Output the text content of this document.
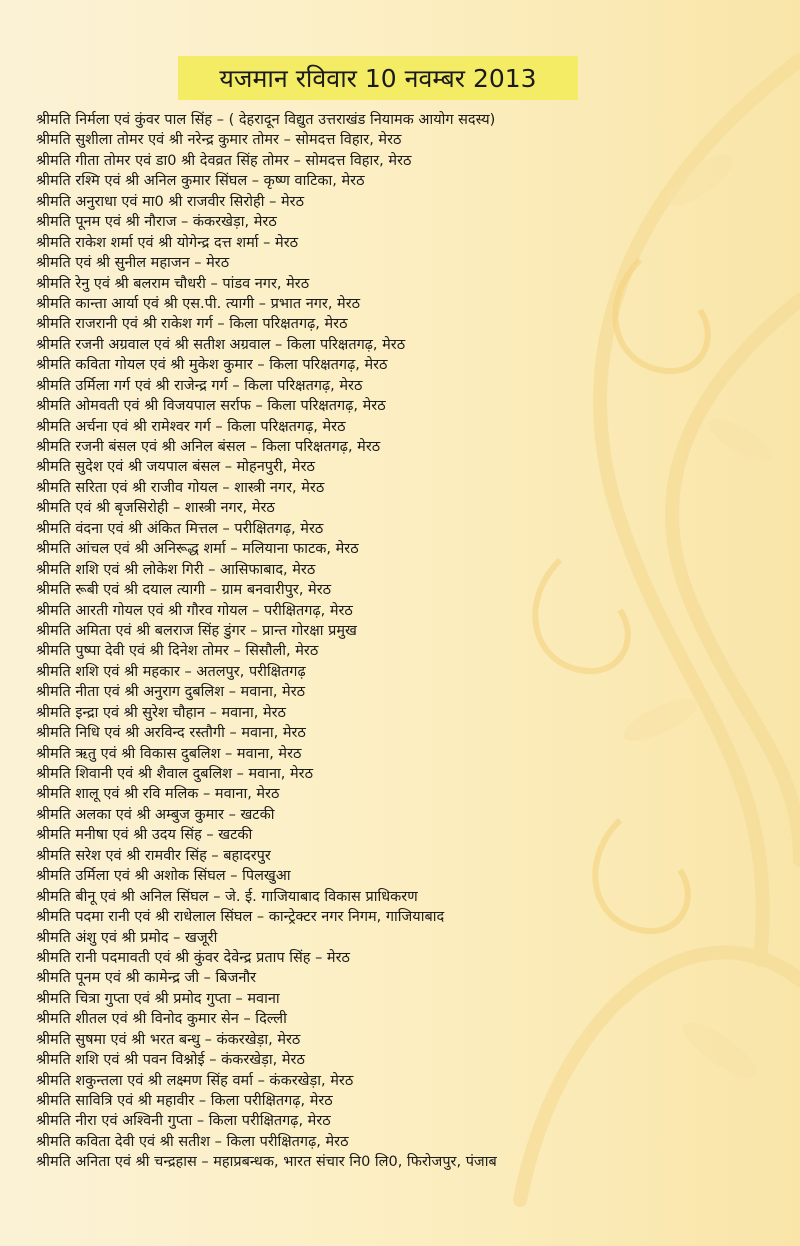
यजमान रविवार 10 नवम्बर 2013
श्रीमति निर्मला एवं कुंवर पाल सिंह – ( देहरादून विद्युत उत्तराखंड नियामक आयोग सदस्य)
श्रीमति सुशीला तोमर एवं श्री नरेन्द्र कुमार तोमर – सोमदत्त विहार, मेरठ
श्रीमति गीता तोमर एवं डा0 श्री देवव्रत सिंह तोमर – सोमदत्त विहार, मेरठ
श्रीमति रश्मि एवं श्री अनिल कुमार सिंघल – कृष्ण वाटिका, मेरठ
श्रीमति अनुराधा एवं मा0 श्री राजवीर सिरोही – मेरठ
श्रीमति पूनम एवं श्री नौराज – कंकरखेड़ा, मेरठ
श्रीमति राकेश शर्मा एवं श्री योगेन्द्र दत्त शर्मा – मेरठ
श्रीमति एवं श्री सुनील महाजन – मेरठ
श्रीमति रेनु एवं श्री बलराम चौधरी – पांडव नगर, मेरठ
श्रीमति कान्ता आर्या एवं श्री एस.पी. त्यागी – प्रभात नगर, मेरठ
श्रीमति राजरानी एवं श्री राकेश गर्ग – किला परिक्षतगढ़, मेरठ
श्रीमति रजनी अग्रवाल एवं श्री सतीश अग्रवाल – किला परिक्षतगढ़, मेरठ
श्रीमति कविता गोयल एवं श्री मुकेश कुमार – किला परिक्षतगढ़, मेरठ
श्रीमति उर्मिला गर्ग एवं श्री राजेन्द्र गर्ग – किला परिक्षतगढ़, मेरठ
श्रीमति ओमवती एवं श्री विजयपाल सर्राफ – किला परिक्षतगढ़, मेरठ
श्रीमति अर्चना एवं श्री रामेश्वर गर्ग – किला परिक्षतगढ़, मेरठ
श्रीमति रजनी बंसल एवं श्री अनिल बंसल – किला परिक्षतगढ़, मेरठ
श्रीमति सुदेश एवं श्री जयपाल बंसल – मोहनपुरी, मेरठ
श्रीमति सरिता एवं श्री राजीव गोयल – शास्त्री नगर, मेरठ
श्रीमति एवं श्री बृजसिरोही – शास्त्री नगर, मेरठ
श्रीमति वंदना एवं श्री अंकित मित्तल – परीक्षितगढ़, मेरठ
श्रीमति आंचल एवं श्री अनिरूद्ध शर्मा – मलियाना फाटक, मेरठ
श्रीमति शशि एवं श्री लोकेश गिरी – आसिफाबाद, मेरठ
श्रीमति रूबी एवं श्री दयाल त्यागी – ग्राम बनवारीपुर, मेरठ
श्रीमति आरती गोयल एवं श्री गौरव गोयल – परीक्षितगढ़, मेरठ
श्रीमति अमिता एवं श्री बलराज सिंह डुंगर – प्रान्त गोरक्षा प्रमुख
श्रीमति पुष्पा देवी एवं श्री दिनेश तोमर – सिसौली, मेरठ
श्रीमति शशि एवं श्री महकार – अतलपुर, परीक्षितगढ़
श्रीमति नीता एवं श्री अनुराग दुबलिश – मवाना, मेरठ
श्रीमति इन्द्रा एवं श्री सुरेश चौहान – मवाना, मेरठ
श्रीमति निधि एवं श्री अरविन्द रस्तौगी – मवाना, मेरठ
श्रीमति ऋतु एवं श्री विकास दुबलिश – मवाना, मेरठ
श्रीमति शिवानी एवं श्री शैवाल दुबलिश – मवाना, मेरठ
श्रीमति शालू एवं श्री रवि मलिक – मवाना, मेरठ
श्रीमति अलका एवं श्री अम्बुज कुमार – खटकी
श्रीमति मनीषा एवं श्री उदय सिंह – खटकी
श्रीमति सरेश एवं श्री रामवीर सिंह – बहादरपुर
श्रीमति उर्मिला एवं श्री अशोक सिंघल – पिलखुआ
श्रीमति बीनू एवं श्री अनिल सिंघल – जे. ई. गाजियाबाद विकास प्राधिकरण
श्रीमति पदमा रानी एवं श्री राधेलाल सिंघल – कान्ट्रेक्टर नगर निगम, गाजियाबाद
श्रीमति अंशु एवं श्री प्रमोद – खजूरी
श्रीमति रानी पदमावती एवं श्री कुंवर देवेन्द्र प्रताप सिंह – मेरठ
श्रीमति पूनम एवं श्री कामेन्द्र जी – बिजनौर
श्रीमति चित्रा गुप्ता एवं श्री प्रमोद गुप्ता – मवाना
श्रीमति शीतल एवं श्री विनोद कुमार सेन – दिल्ली
श्रीमति सुषमा एवं श्री भरत बन्धु – कंकरखेड़ा, मेरठ
श्रीमति शशि एवं श्री पवन विश्नोई – कंकरखेड़ा, मेरठ
श्रीमति शकुन्तला एवं श्री लक्ष्मण सिंह वर्मा – कंकरखेड़ा, मेरठ
श्रीमति सावित्रि एवं श्री महावीर – किला परीक्षितगढ़, मेरठ
श्रीमति नीरा एवं अश्विनी गुप्ता – किला परीक्षितगढ़, मेरठ
श्रीमति कविता देवी एवं श्री सतीश – किला परीक्षितगढ़, मेरठ
श्रीमति अनिता एवं श्री चन्द्रहास – महाप्रबन्धक, भारत संचार नि0 लि0, फिरोजपुर, पंजाब
